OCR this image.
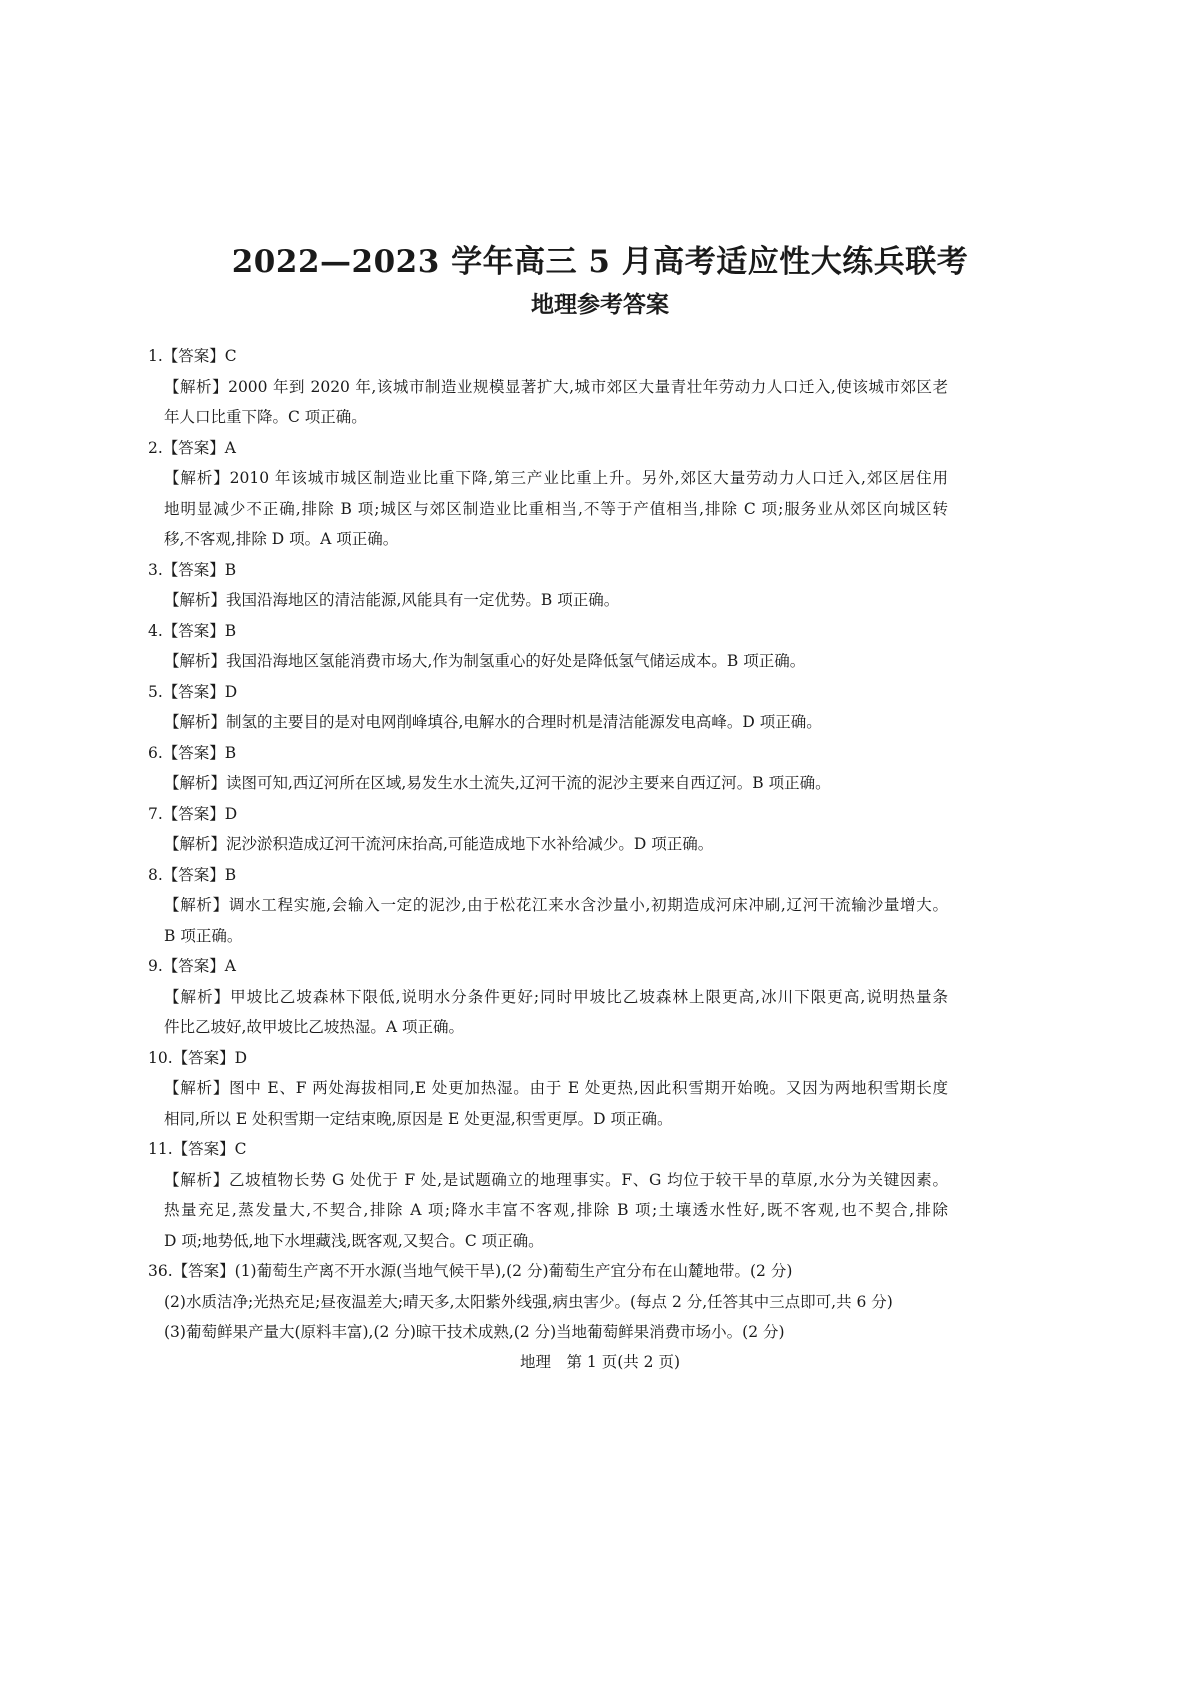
2022—2023 学年高三 5 月高考适应性大练兵联考
地理参考答案
1.【答案】C
【解析】2000 年到 2020 年,该城市制造业规模显著扩大,城市郊区大量青壮年劳动力人口迁入,使该城市郊区老
年人口比重下降。C 项正确。
2.【答案】A
【解析】2010 年该城市城区制造业比重下降,第三产业比重上升。另外,郊区大量劳动力人口迁入,郊区居住用
地明显减少不正确,排除 B 项;城区与郊区制造业比重相当,不等于产值相当,排除 C 项;服务业从郊区向城区转
移,不客观,排除 D 项。A 项正确。
3.【答案】B
【解析】我国沿海地区的清洁能源,风能具有一定优势。B 项正确。
4.【答案】B
【解析】我国沿海地区氢能消费市场大,作为制氢重心的好处是降低氢气储运成本。B 项正确。
5.【答案】D
【解析】制氢的主要目的是对电网削峰填谷,电解水的合理时机是清洁能源发电高峰。D 项正确。
6.【答案】B
【解析】读图可知,西辽河所在区域,易发生水土流失,辽河干流的泥沙主要来自西辽河。B 项正确。
7.【答案】D
【解析】泥沙淤积造成辽河干流河床抬高,可能造成地下水补给减少。D 项正确。
8.【答案】B
【解析】调水工程实施,会输入一定的泥沙,由于松花江来水含沙量小,初期造成河床冲刷,辽河干流输沙量增大。
B 项正确。
9.【答案】A
【解析】甲坡比乙坡森林下限低,说明水分条件更好;同时甲坡比乙坡森林上限更高,冰川下限更高,说明热量条
件比乙坡好,故甲坡比乙坡热湿。A 项正确。
10.【答案】D
【解析】图中 E、F 两处海拔相同,E 处更加热湿。由于 E 处更热,因此积雪期开始晚。又因为两地积雪期长度
相同,所以 E 处积雪期一定结束晚,原因是 E 处更湿,积雪更厚。D 项正确。
11.【答案】C
【解析】乙坡植物长势 G 处优于 F 处,是试题确立的地理事实。F、G 均位于较干旱的草原,水分为关键因素。
热量充足,蒸发量大,不契合,排除 A 项;降水丰富不客观,排除 B 项;土壤透水性好,既不客观,也不契合,排除
D 项;地势低,地下水埋藏浅,既客观,又契合。C 项正确。
36.【答案】(1)葡萄生产离不开水源(当地气候干旱),(2 分)葡萄生产宜分布在山麓地带。(2 分)
(2)水质洁净;光热充足;昼夜温差大;晴天多,太阳紫外线强,病虫害少。(每点 2 分,任答其中三点即可,共 6 分)
(3)葡萄鲜果产量大(原料丰富),(2 分)晾干技术成熟,(2 分)当地葡萄鲜果消费市场小。(2 分)
地理　第 1 页(共 2 页)
